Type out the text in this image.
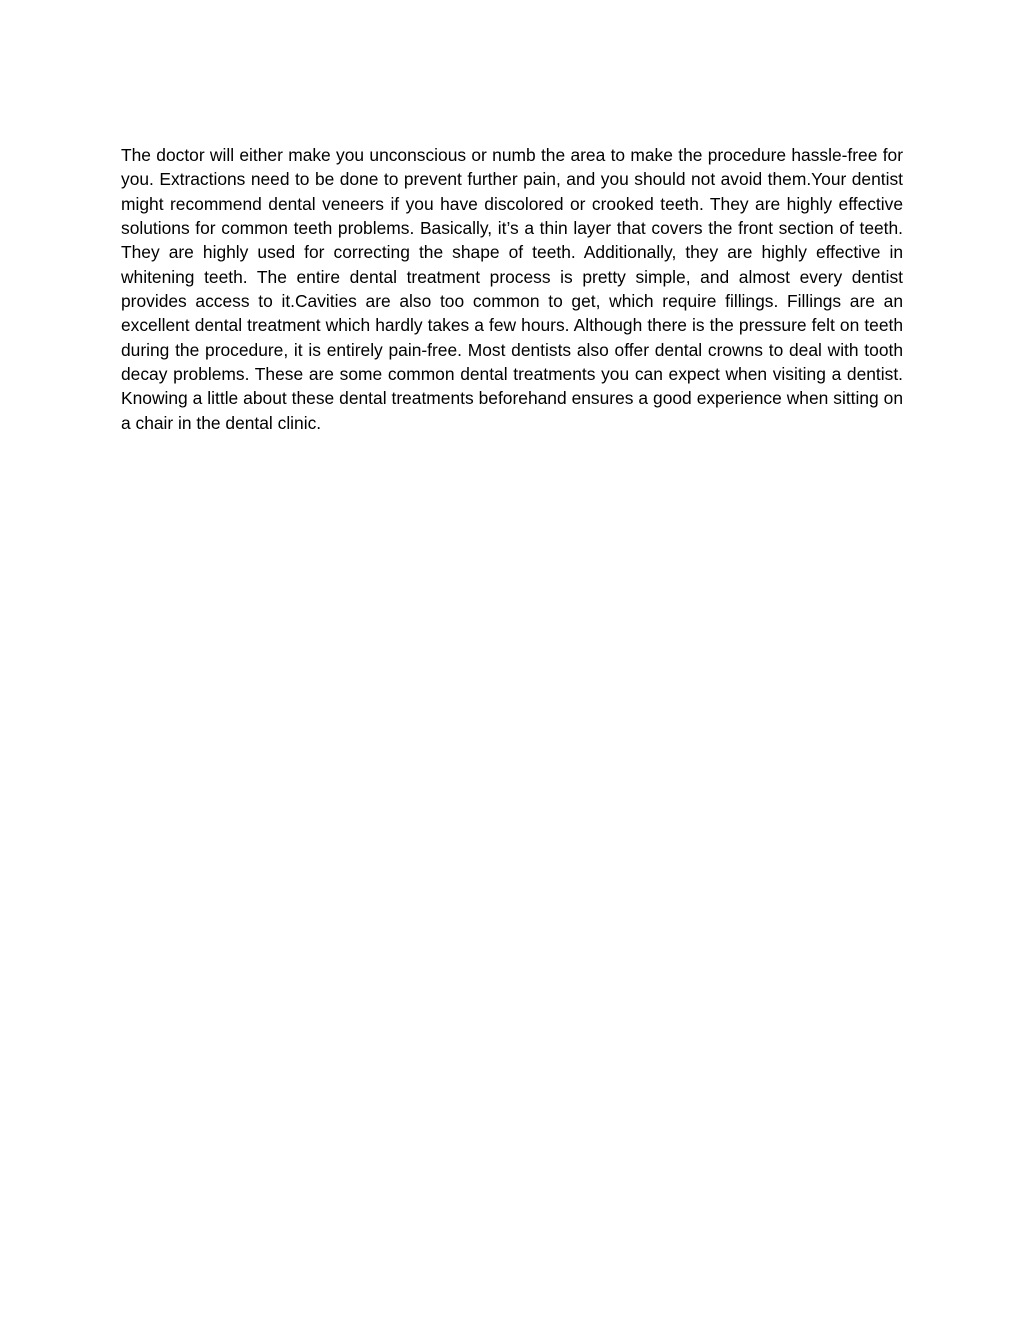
The doctor will either make you unconscious or numb the area to make the procedure hassle-free for you. Extractions need to be done to prevent further pain, and you should not avoid them.Your dentist might recommend dental veneers if you have discolored or crooked teeth. They are highly effective solutions for common teeth problems. Basically, it’s a thin layer that covers the front section of teeth. They are highly used for correcting the shape of teeth. Additionally, they are highly effective in whitening teeth. The entire dental treatment process is pretty simple, and almost every dentist provides access to it.Cavities are also too common to get, which require fillings. Fillings are an excellent dental treatment which hardly takes a few hours. Although there is the pressure felt on teeth during the procedure, it is entirely pain-free. Most dentists also offer dental crowns to deal with tooth decay problems. These are some common dental treatments you can expect when visiting a dentist. Knowing a little about these dental treatments beforehand ensures a good experience when sitting on a chair in the dental clinic.
